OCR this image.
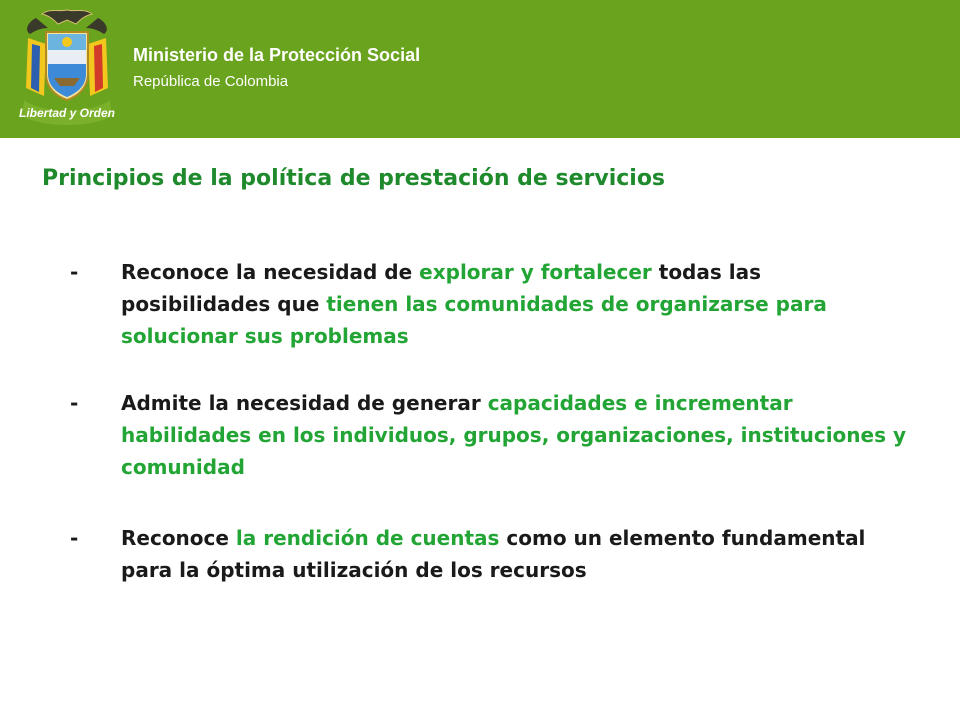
Libertad y Orden
Ministerio de la Protección Social
República de Colombia
Principios de la política de prestación de servicios
- Reconoce la necesidad de explorar y fortalecer todas las posibilidades que tienen las comunidades de organizarse para solucionar sus problemas
- Admite la necesidad de generar capacidades e incrementar habilidades en los individuos, grupos, organizaciones, instituciones y comunidad
- Reconoce la rendición de cuentas como un elemento fundamental para la óptima utilización de los recursos
